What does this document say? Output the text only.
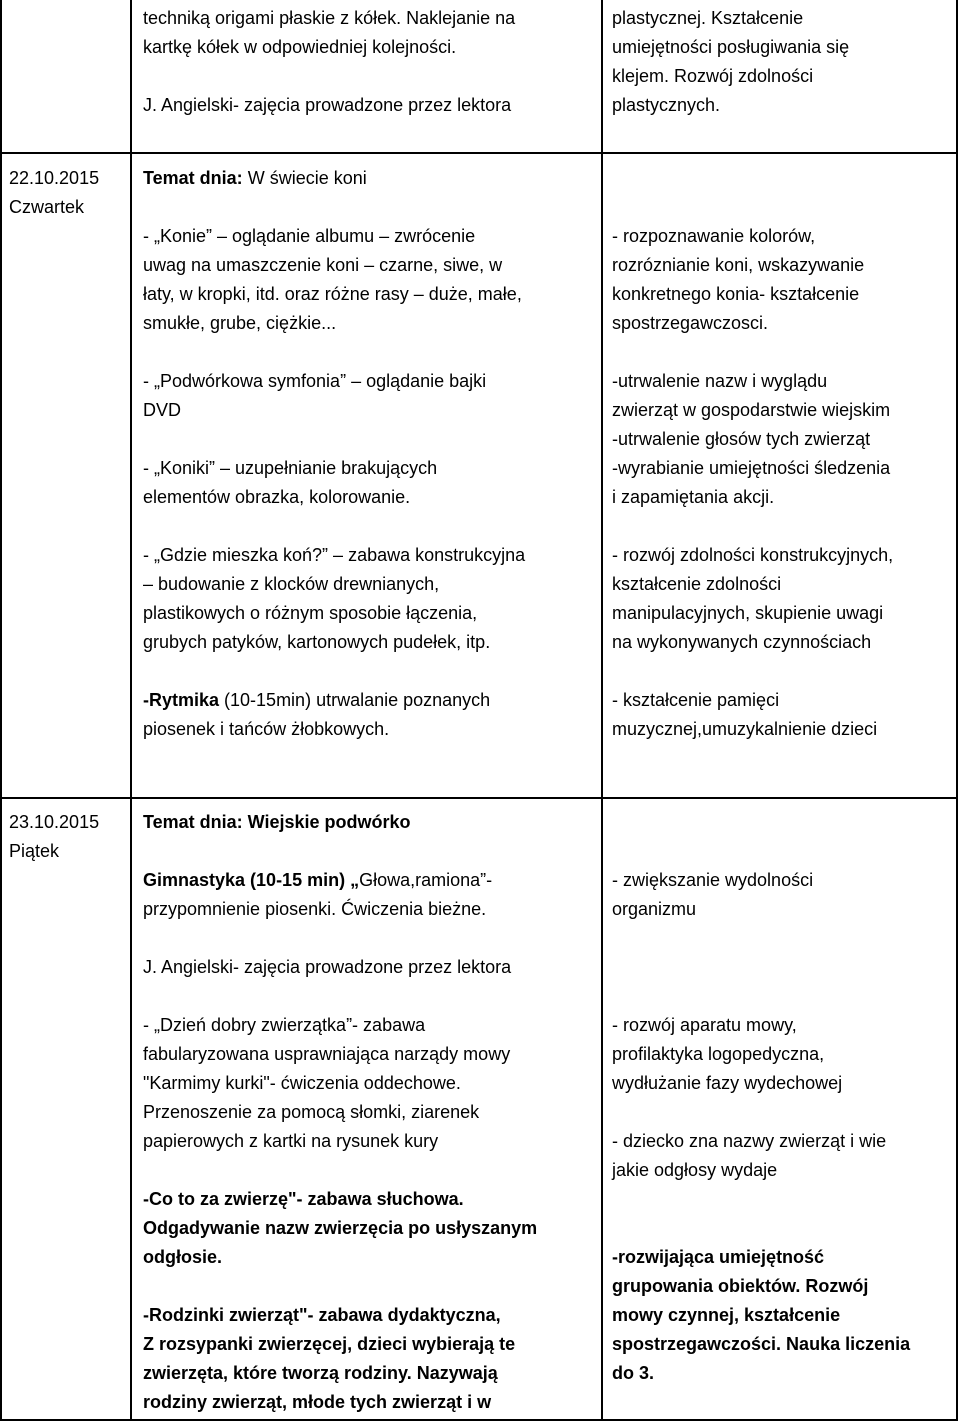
techniką origami płaskie z kółek. Naklejanie na

kartkę kółek w odpowiedniej kolejności.

J. Angielski- zajęcia prowadzone przez lektora

plastycznej. Kształcenie

umiejętności posługiwania się

klejem. Rozwój zdolności

plastycznych.

22.10.2015

Czwartek

Temat dnia: W świecie koni

- „Konie” – oglądanie albumu – zwrócenie

uwag na umaszczenie koni – czarne, siwe, w

łaty, w kropki, itd. oraz różne rasy – duże, małe,

smukłe, grube, ciężkie...

- „Podwórkowa symfonia” – oglądanie bajki

DVD

- „Koniki” – uzupełnianie brakujących

elementów obrazka, kolorowanie.

- „Gdzie mieszka koń?” – zabawa konstrukcyjna

– budowanie z klocków drewnianych,

plastikowych o różnym sposobie łączenia,

grubych patyków, kartonowych pudełek, itp.

-Rytmika (10-15min) utrwalanie poznanych

piosenek i tańców żłobkowych.

- rozpoznawanie kolorów,

rozróznianie koni, wskazywanie

konkretnego konia- kształcenie

spostrzegawczosci.

-utrwalenie nazw i wyglądu

zwierząt w gospodarstwie wiejskim

-utrwalenie głosów tych zwierząt

-wyrabianie umiejętności śledzenia

i zapamiętania akcji.

- rozwój zdolności konstrukcyjnych,

kształcenie zdolności

manipulacyjnych, skupienie uwagi

na wykonywanych czynnościach

- kształcenie pamięci

muzycznej,umuzykalnienie dzieci

23.10.2015

Piątek

Temat dnia: Wiejskie podwórko

Gimnastyka (10-15 min) „Głowa,ramiona”-

przypomnienie piosenki. Ćwiczenia bieżne.

J. Angielski- zajęcia prowadzone przez lektora

- „Dzień dobry zwierzątka”- zabawa

fabularyzowana usprawniająca narządy mowy

"Karmimy kurki"- ćwiczenia oddechowe.

Przenoszenie za pomocą słomki, ziarenek

papierowych z kartki na rysunek kury

-Co to za zwierzę"- zabawa słuchowa.

Odgadywanie nazw zwierzęcia po usłyszanym

odgłosie.

-Rodzinki zwierząt"- zabawa dydaktyczna,

Z rozsypanki zwierzęcej, dzieci wybierają te

zwierzęta, które tworzą rodziny. Nazywają

rodziny zwierząt, młode tych zwierząt i w

- zwiększanie wydolności

organizmu

- rozwój aparatu mowy,

profilaktyka logopedyczna,

wydłużanie fazy wydechowej

- dziecko zna nazwy zwierząt i wie

jakie odgłosy wydaje

-rozwijająca umiejętność

grupowania obiektów. Rozwój

mowy czynnej, kształcenie

spostrzegawczości. Nauka liczenia

do 3.
